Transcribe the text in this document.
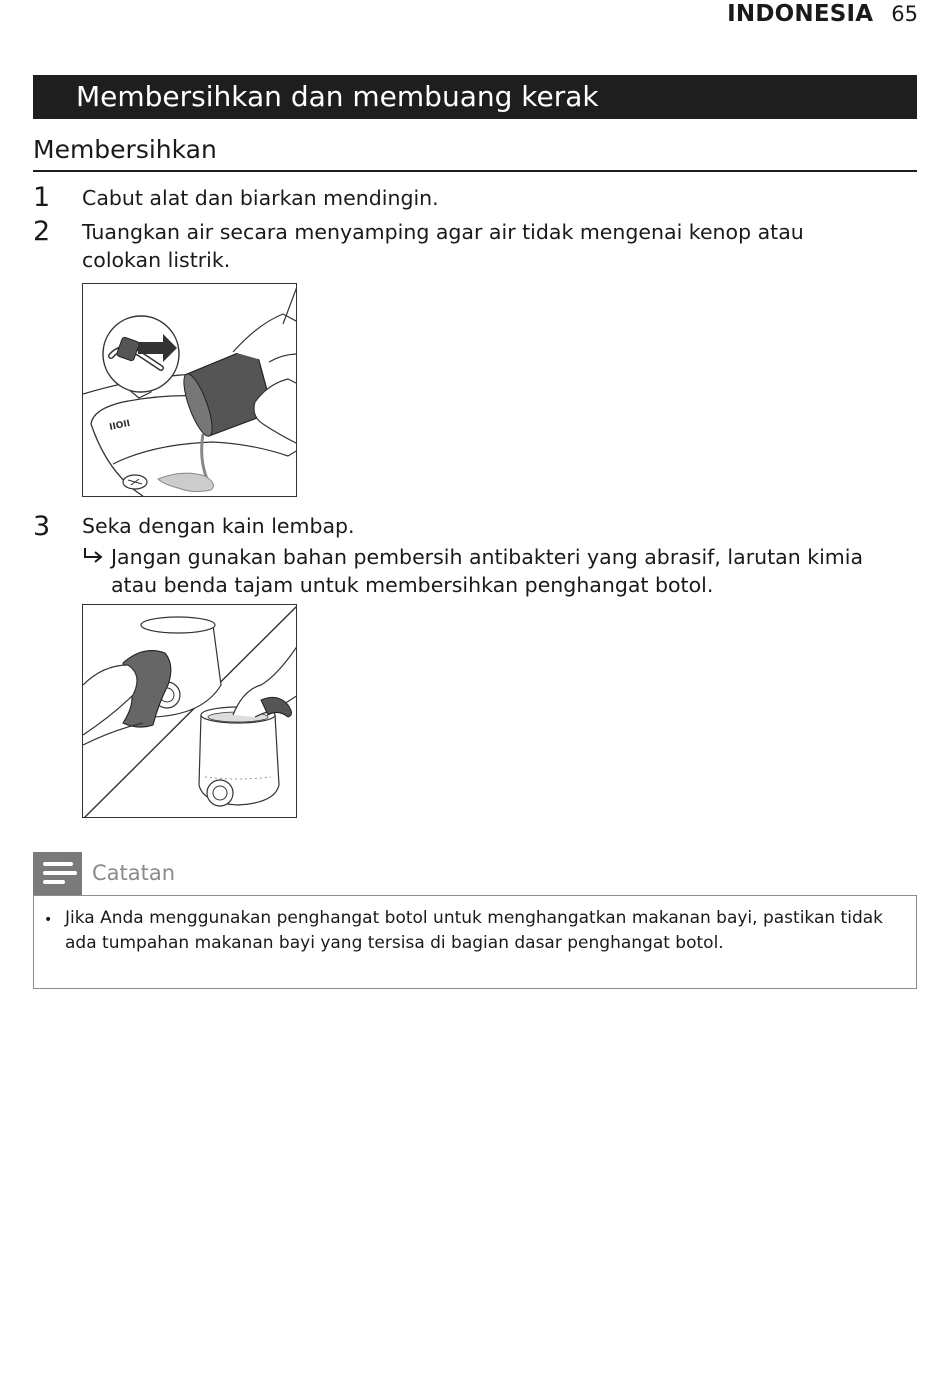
INDONESIA 65
Membersihkan dan membuang kerak
Membersihkan
1 Cabut alat dan biarkan mendingin.
2 Tuangkan air secara menyamping agar air tidak mengenai kenop atau
colokan listrik.
IIOII
3 Seka dengan kain lembap.
Jangan gunakan bahan pembersih antibakteri yang abrasif, larutan kimia
atau benda tajam untuk membersihkan penghangat botol.
Catatan
• Jika Anda menggunakan penghangat botol untuk menghangatkan makanan bayi, pastikan tidak ada tumpahan makanan bayi yang tersisa di bagian dasar penghangat botol.
